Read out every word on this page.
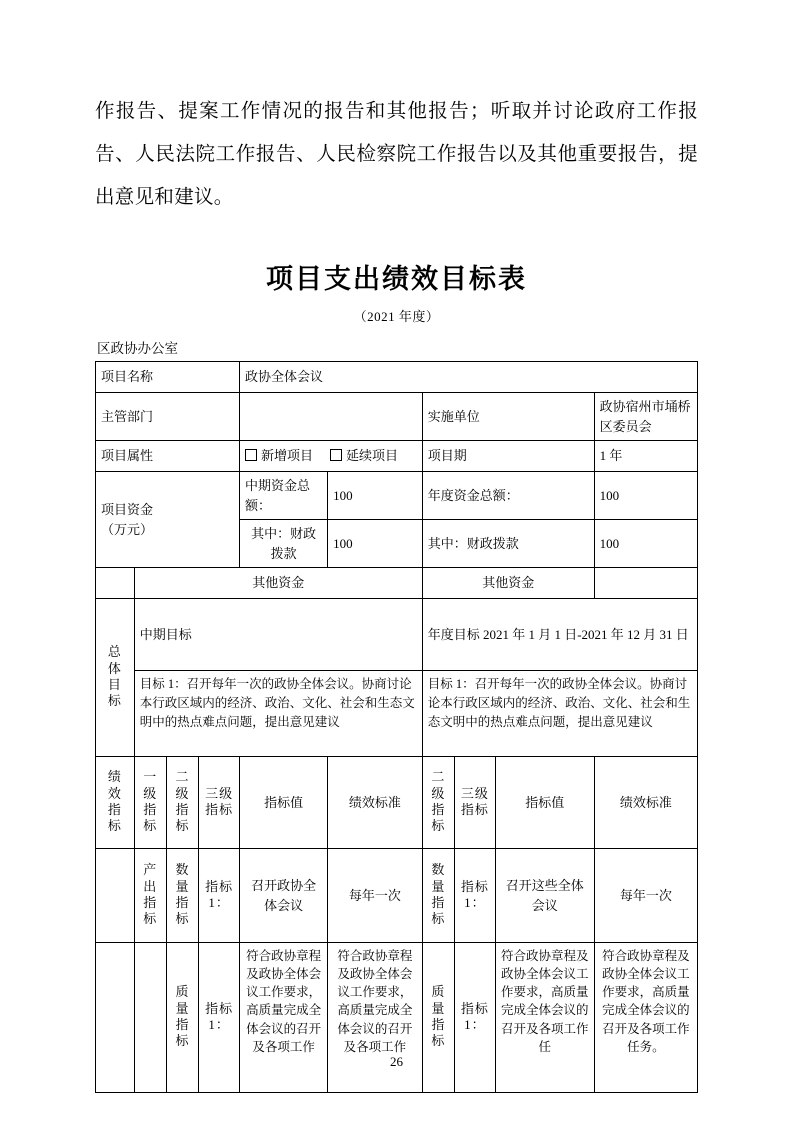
作报告、提案工作情况的报告和其他报告；听取并讨论政府工作报告、人民法院工作报告、人民检察院工作报告以及其他重要报告，提出意见和建议。

项目支出绩效目标表
（2021 年度）
区政协办公室
项目名称				政协全体会议					
主管部门						实施单位			政协宿州市埇桥区委员会
项目属性				新增项目 延续项目		项目期			1 年

项目资金
（万元）				中期资金总额：	100	年度资金总额：			100
				其中：财政拨款	100	其中：财政拨款			100
	其他资金					其他资金			
总体目标	中期目标					年度目标 2021 年 1 月 1 日-2021 年 12 月 31 日			
	目标 1：召开每年一次的政协全体会议。协商讨论本行政区域内的经济、政治、文化、社会和生态文明中的热点难点问题，提出意见建议					目标 1：召开每年一次的政协全体会议。协商讨论本行政区域内的经济、政治、文化、社会和生态文明中的热点难点问题，提出意见建议			
绩效指标	一级指标	二级指标	三级指标	指标值	绩效标准	二级指标	三级指标	指标值	绩效标准
	产出指标	数量指标	指标 1：	召开政协全体会议	每年一次	数量指标	指标 1：	召开这些全体会议	每年一次
		质量指标	指标 1：	符合政协章程及政协全体会议工作要求，高质量完成全体会议的召开及各项工作	符合政协章程及政协全体会议工作要求，高质量完成全体会议的召开及各项工作	质量指标	指标 1：	符合政协章程及政协全体会议工作要求，高质量完成全体会议的召开及各项工作任	符合政协章程及政协全体会议工作要求，高质量完成全体会议的召开及各项工作任务。
26
